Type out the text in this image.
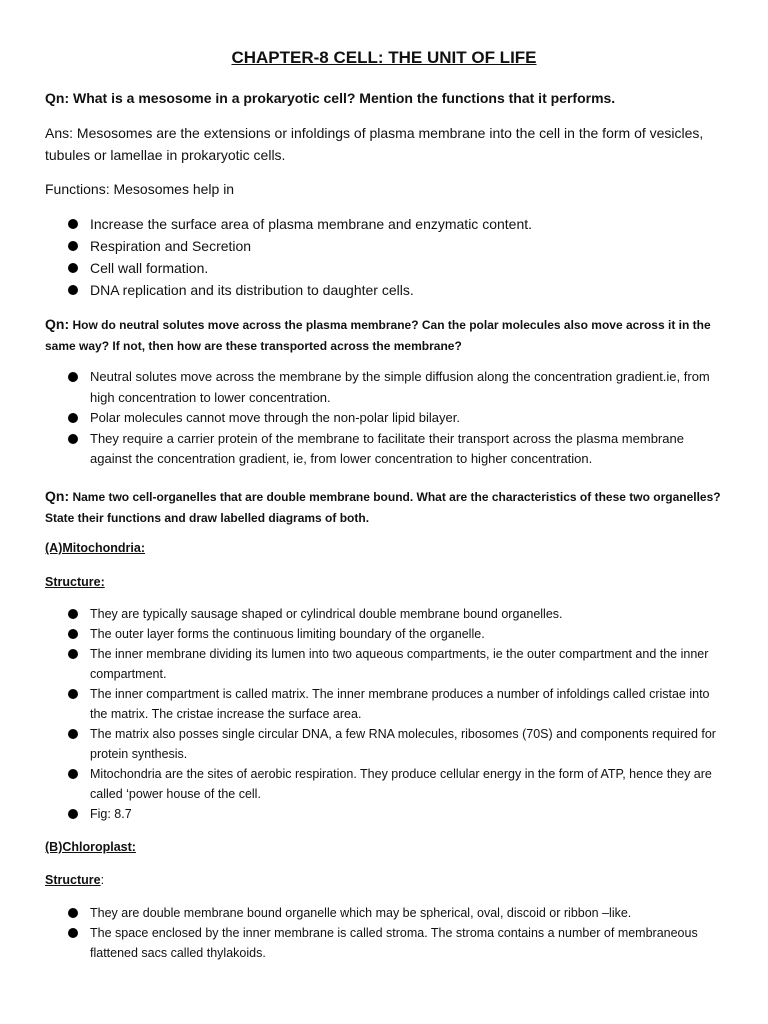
CHAPTER-8 CELL: THE UNIT OF LIFE
Qn: What is a mesosome in a prokaryotic cell? Mention the functions that it performs.
Ans: Mesosomes are the extensions or infoldings of plasma membrane into the cell in the form of vesicles, tubules or lamellae in prokaryotic cells.
Functions: Mesosomes help in
Increase the surface area of plasma membrane and enzymatic content.
Respiration and Secretion
Cell wall formation.
DNA replication and its distribution to daughter cells.
Qn: How do neutral solutes move across the plasma membrane? Can the polar molecules also move across it in the same way? If not, then how are these transported across the membrane?
Neutral solutes move across the membrane by the simple diffusion along the concentration gradient.ie, from high concentration to lower concentration.
Polar molecules cannot move through the non-polar lipid bilayer.
They require a carrier protein of the membrane to facilitate their transport across the plasma membrane against the concentration gradient, ie, from lower concentration to higher concentration.
Qn: Name two cell-organelles that are double membrane bound. What are the characteristics of these two organelles? State their functions and draw labelled diagrams of both.
(A)Mitochondria:
Structure:
They are typically sausage shaped or cylindrical double membrane bound organelles.
The outer layer forms the continuous limiting boundary of the organelle.
The inner membrane dividing its lumen into two aqueous compartments, ie the outer compartment and the inner compartment.
The inner compartment is called matrix. The inner membrane produces a number of infoldings called cristae into the matrix. The cristae increase the surface area.
The matrix also posses single circular DNA, a few RNA molecules, ribosomes (70S) and components required for protein synthesis.
Mitochondria are the sites of aerobic respiration. They produce cellular energy in the form of ATP, hence they are called ‘power house of the cell.
Fig: 8.7
(B)Chloroplast:
Structure:
They are double membrane bound organelle which may be spherical, oval, discoid or ribbon –like.
The space enclosed by the inner membrane is called stroma. The stroma contains a number of membraneous flattened sacs called thylakoids.
